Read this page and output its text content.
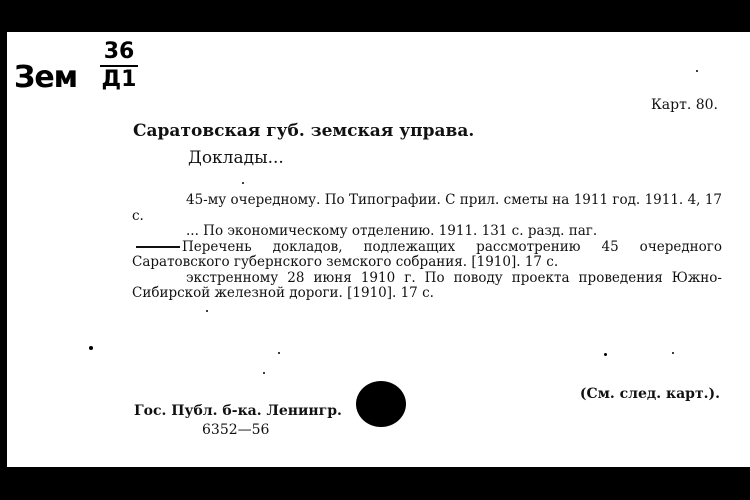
Зем
36
Д1
Карт. 80.
Саратовская губ. земская управа.
Доклады...

45-му очередному. По Типографии. С прил. сметы на 1911 год. 1911. 4, 17 с.

... По экономическому отделению. 1911. 131 с. разд. паг.

Перечень докладов, подлежащих рассмотрению 45 очередного Саратовского губернского земского собрания. [1910]. 17 с.

экстренному 28 июня 1910 г. По поводу проекта проведения Южно-Сибирской железной дороги. [1910]. 17 с.

(См. след. карт.).
Гос. Публ. б-ка. Ленингр.
6352—56
